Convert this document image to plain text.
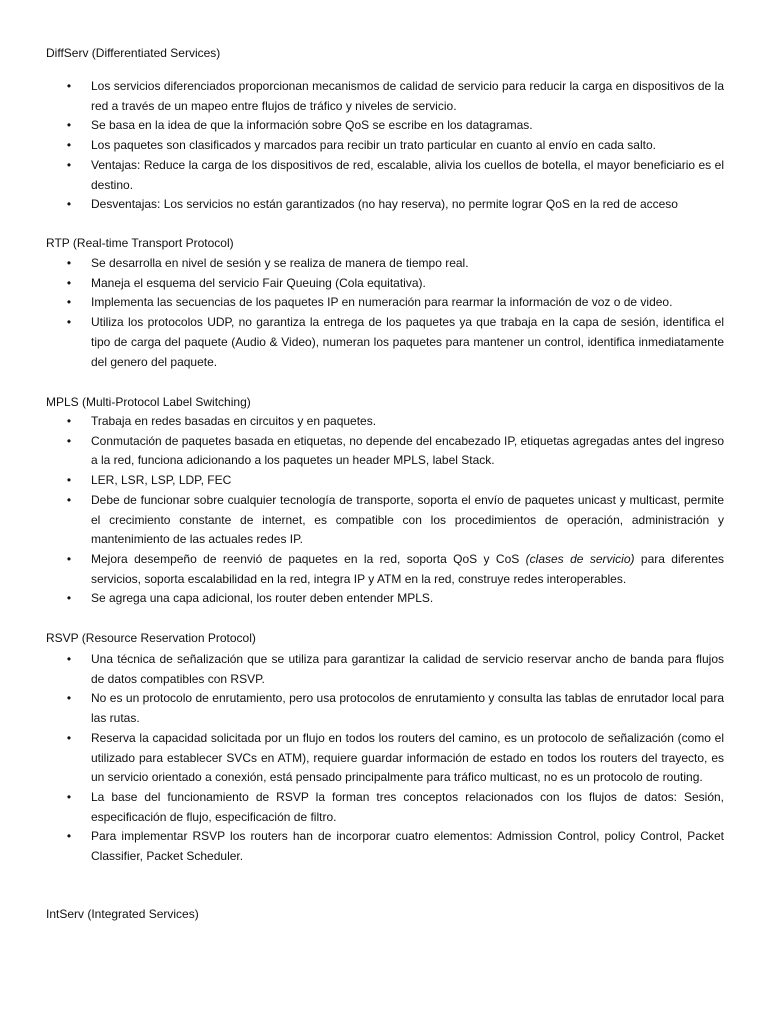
DiffServ (Differentiated Services)
• Los servicios diferenciados proporcionan mecanismos de calidad de servicio para reducir la carga en dispositivos de la red a través de un mapeo entre flujos de tráfico y niveles de servicio.
• Se basa en la idea de que la información sobre QoS se escribe en los datagramas.
• Los paquetes son clasificados y marcados para recibir un trato particular en cuanto al envío en cada salto.
• Ventajas: Reduce la carga de los dispositivos de red, escalable, alivia los cuellos de botella, el mayor beneficiario es el destino.
• Desventajas: Los servicios no están garantizados (no hay reserva), no permite lograr QoS en la red de acceso
RTP (Real-time Transport Protocol)
• Se desarrolla en nivel de sesión y se realiza de manera de tiempo real.
• Maneja el esquema del servicio Fair Queuing (Cola equitativa).
• Implementa las secuencias de los paquetes IP en numeración para rearmar la información de voz o de video.
• Utiliza los protocolos UDP, no garantiza la entrega de los paquetes ya que trabaja en la capa de sesión, identifica el tipo de carga del paquete (Audio & Video), numeran los paquetes para mantener un control, identifica inmediatamente del genero del paquete.
MPLS (Multi-Protocol Label Switching)
• Trabaja en redes basadas en circuitos y en paquetes.
• Conmutación de paquetes basada en etiquetas, no depende del encabezado IP, etiquetas agregadas antes del ingreso a la red, funciona adicionando a los paquetes un header MPLS, label Stack.
• LER, LSR, LSP, LDP, FEC
• Debe de funcionar sobre cualquier tecnología de transporte, soporta el envío de paquetes unicast y multicast, permite el crecimiento constante de internet, es compatible con los procedimientos de operación, administración y mantenimiento de las actuales redes IP.
• Mejora desempeño de reenvió de paquetes en la red, soporta QoS y CoS (clases de servicio) para diferentes servicios, soporta escalabilidad en la red, integra IP y ATM en la red, construye redes interoperables.
• Se agrega una capa adicional, los router deben entender MPLS.
RSVP (Resource Reservation Protocol)
• Una técnica de señalización que se utiliza para garantizar la calidad de servicio reservar ancho de banda para flujos de datos compatibles con RSVP.
• No es un protocolo de enrutamiento, pero usa protocolos de enrutamiento y consulta las tablas de enrutador local para las rutas.
• Reserva la capacidad solicitada por un flujo en todos los routers del camino, es un protocolo de señalización (como el utilizado para establecer SVCs en ATM), requiere guardar información de estado en todos los routers del trayecto, es un servicio orientado a conexión, está pensado principalmente para tráfico multicast, no es un protocolo de routing.
• La base del funcionamiento de RSVP la forman tres conceptos relacionados con los flujos de datos: Sesión, especificación de flujo, especificación de filtro.
• Para implementar RSVP los routers han de incorporar cuatro elementos: Admission Control, policy Control, Packet Classifier, Packet Scheduler.
IntServ (Integrated Services)
